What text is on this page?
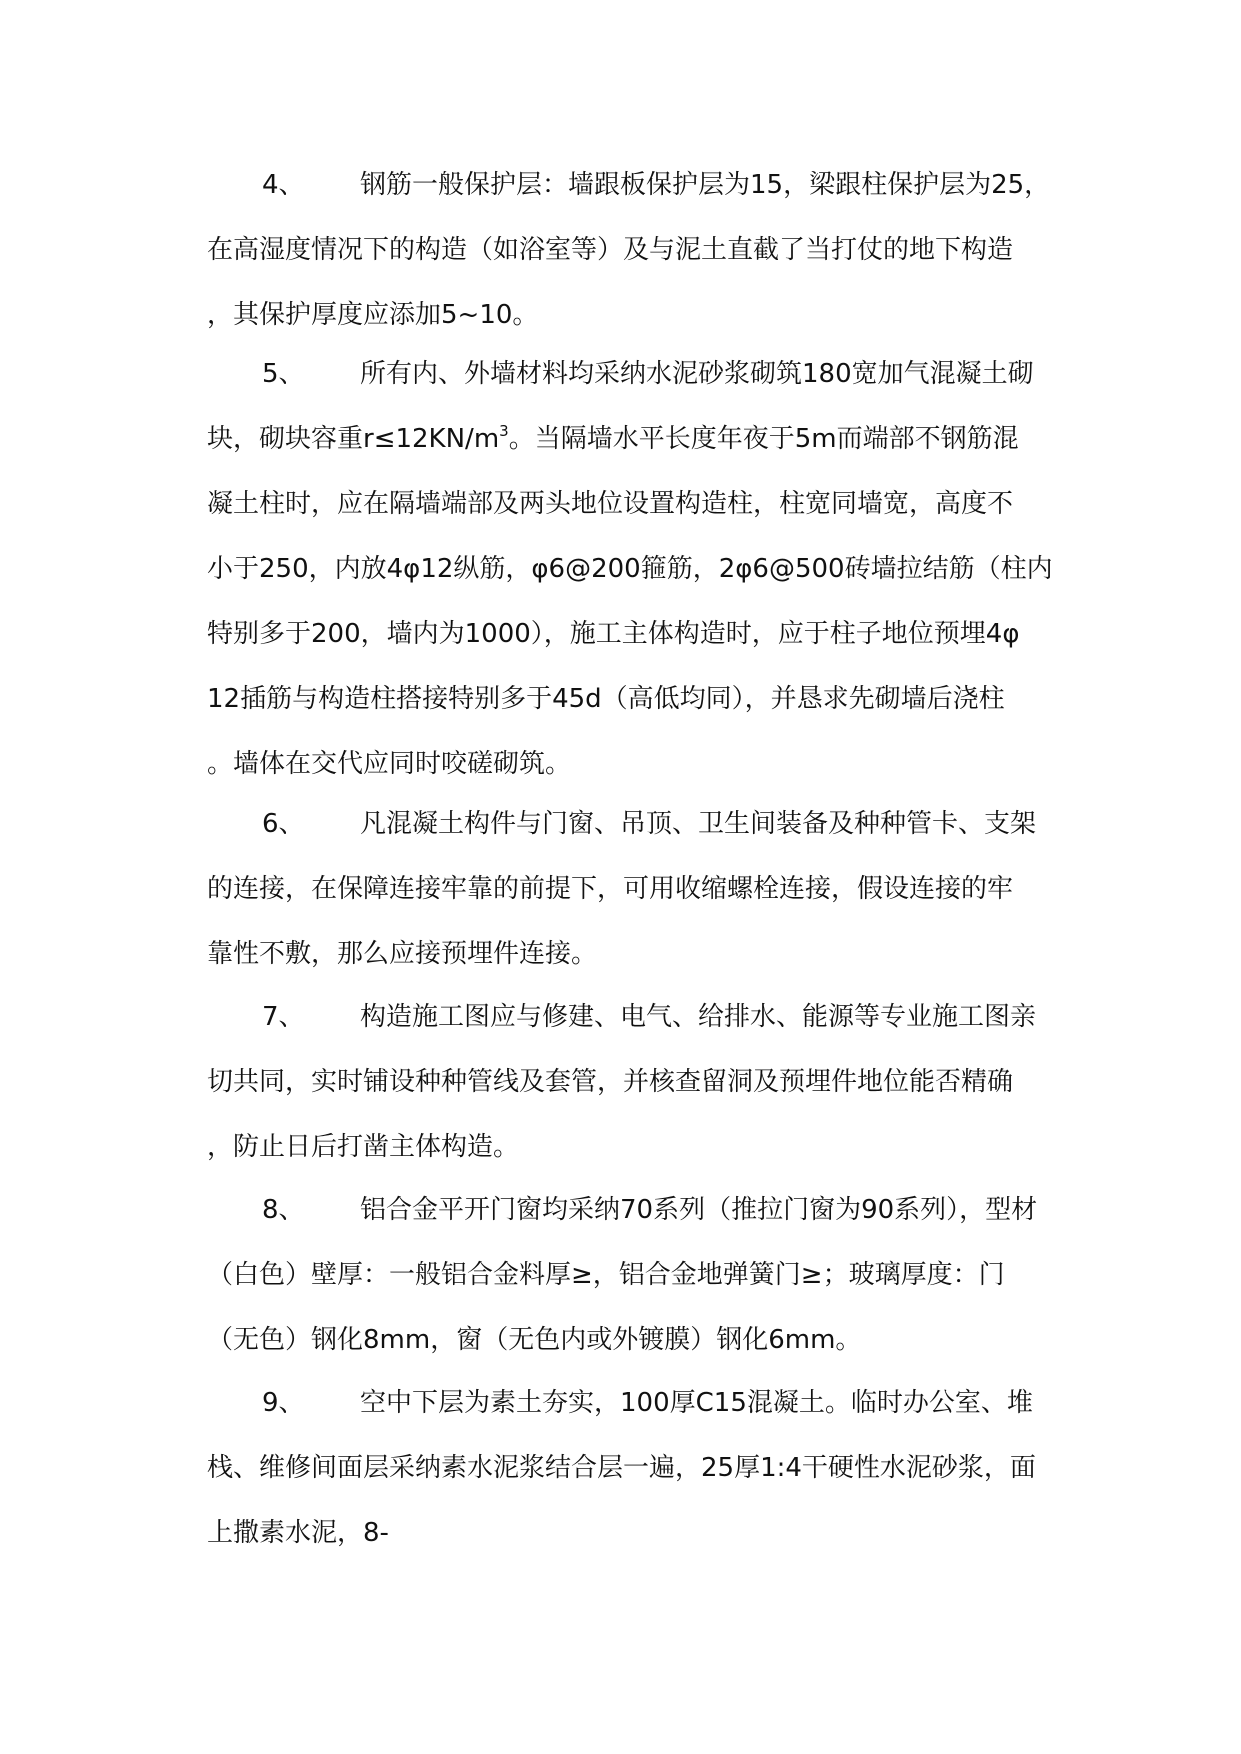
4、 钢筋一般保护层：墙跟板保护层为15，梁跟柱保护层为25，
在高湿度情况下的构造（如浴室等）及与泥土直截了当打仗的地下构造
，其保护厚度应添加5~10。
5、 所有内、外墙材料均采纳水泥砂浆砌筑180宽加气混凝土砌
块，砌块容重$r\le 12KN/m^3$。当隔墙水平长度年夜于5m而端部不钢筋混
凝土柱时，应在隔墙端部及两头地位设置构造柱，柱宽同墙宽，高度不
小于250，内放4φ12纵筋，φ6@200箍筋，2φ6@500砖墙拉结筋（柱内
特别多于200，墙内为1000），施工主体构造时，应于柱子地位预埋4φ
12插筋与构造柱搭接特别多于45d（高低均同），并恳求先砌墙后浇柱
。墙体在交代应同时咬磋砌筑。
6、 凡混凝土构件与门窗、吊顶、卫生间装备及种种管卡、支架
的连接，在保障连接牢靠的前提下，可用收缩螺栓连接，假设连接的牢
靠性不敷，那么应接预埋件连接。
7、 构造施工图应与修建、电气、给排水、能源等专业施工图亲
切共同，实时铺设种种管线及套管，并核查留洞及预埋件地位能否精确
，防止日后打凿主体构造。
8、 铝合金平开门窗均采纳70系列（推拉门窗为90系列），型材
（白色）壁厚：一般铝合金料厚≥，铝合金地弹簧门≥；玻璃厚度：门
（无色）钢化8mm，窗（无色内或外镀膜）钢化6mm。
9、 空中下层为素土夯实，100厚C15混凝土。临时办公室、堆
栈、维修间面层采纳素水泥浆结合层一遍，25厚1:4干硬性水泥砂浆，面
上撒素水泥，8-
